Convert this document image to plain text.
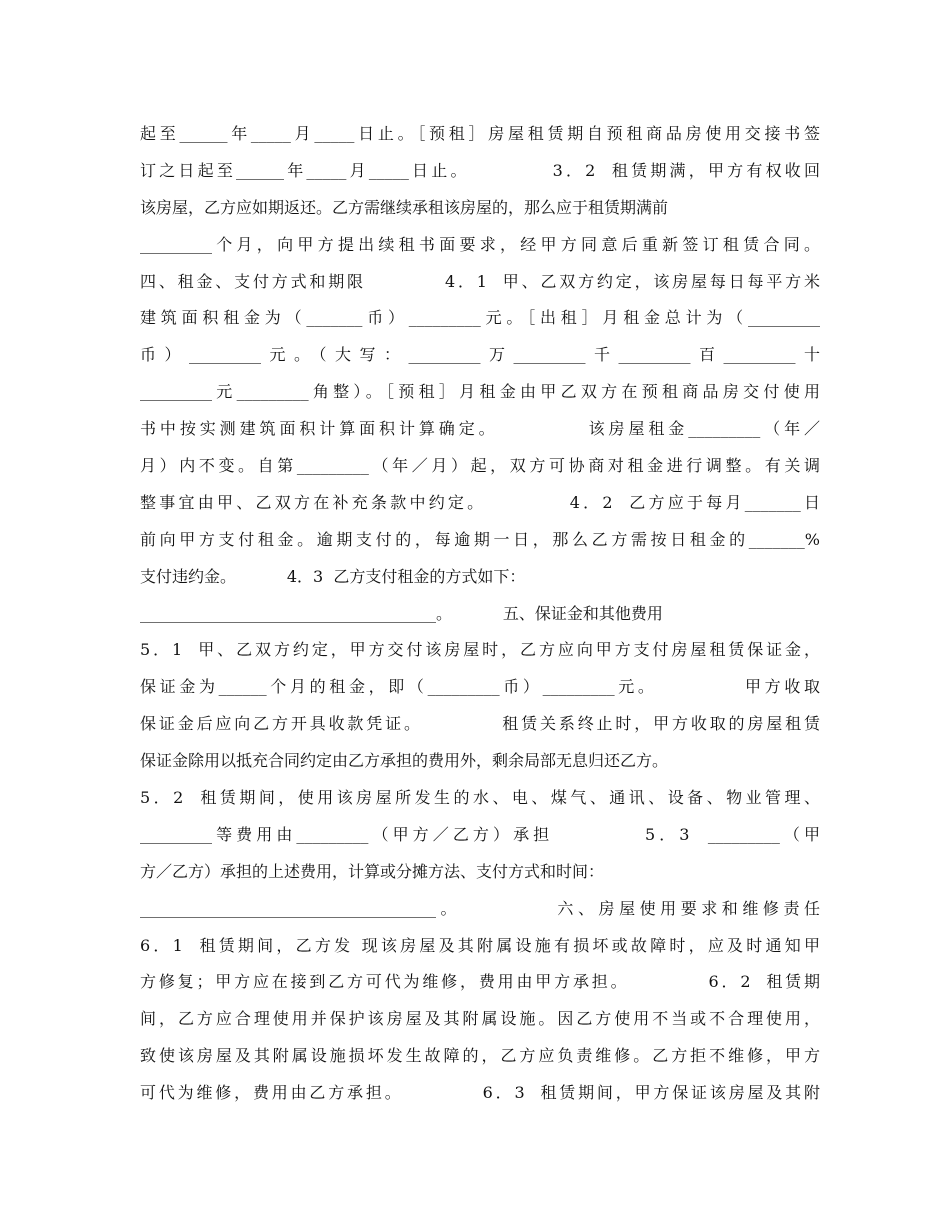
起至______年_____月_____日止。［预租］房屋租赁期自预租商品房使用交接书签
订之日起至______年_____月_____日止。          3．2  租赁期满，甲方有权收回
该房屋，乙方应如期返还。乙方需继续承租该房屋的，那么应于租赁期满前
_________个月，向甲方提出续租书面要求，经甲方同意后重新签订租赁合同。
四、租金、支付方式和期限          4．1  甲、乙双方约定，该房屋每日每平方米
建筑面积租金为（_______币）_________元。［出租］月租金总计为（_________
币）_________元。（大写：_________万_________千_________百_________十
_________元_________角整）。［预租］月租金由甲乙双方在预租商品房交付使用
书中按实测建筑面积计算面积计算确定。          该房屋租金_________（年／
月）内不变。自第_________（年／月）起，双方可协商对租金进行调整。有关调
整事宜由甲、乙双方在补充条款中约定。          4．2  乙方应于每月_______日
前向甲方支付租金。逾期支付的，每逾期一日，那么乙方需按日租金的_______%
支付违约金。          4．3  乙方支付租金的方式如下：
_____________________________________。          五、保证金和其他费用
5．1  甲、乙双方约定，甲方交付该房屋时，乙方应向甲方支付房屋租赁保证金，
保证金为______个月的租金，即（_________币）_________元。          甲方收取
保证金后应向乙方开具收款凭证。          租赁关系终止时，甲方收取的房屋租赁
保证金除用以抵充合同约定由乙方承担的费用外，剩余局部无息归还乙方。
5．2  租赁期间，使用该房屋所发生的水、电、煤气、通讯、设备、物业管理、
_________等费用由_________（甲方／乙方）承担          5．3  _________（甲
方／乙方）承担的上述费用，计算或分摊方法、支付方式和时间：
_____________________________________。          六、房屋使用要求和维修责任
6．1  租赁期间，乙方发 现该房屋及其附属设施有损坏或故障时，应及时通知甲
方修复；甲方应在接到乙方可代为维修，费用由甲方承担。          6．2  租赁期
间，乙方应合理使用并保护该房屋及其附属设施。因乙方使用不当或不合理使用，
致使该房屋及其附属设施损坏发生故障的，乙方应负责维修。乙方拒不维修，甲方
可代为维修，费用由乙方承担。          6．3  租赁期间，甲方保证该房屋及其附
